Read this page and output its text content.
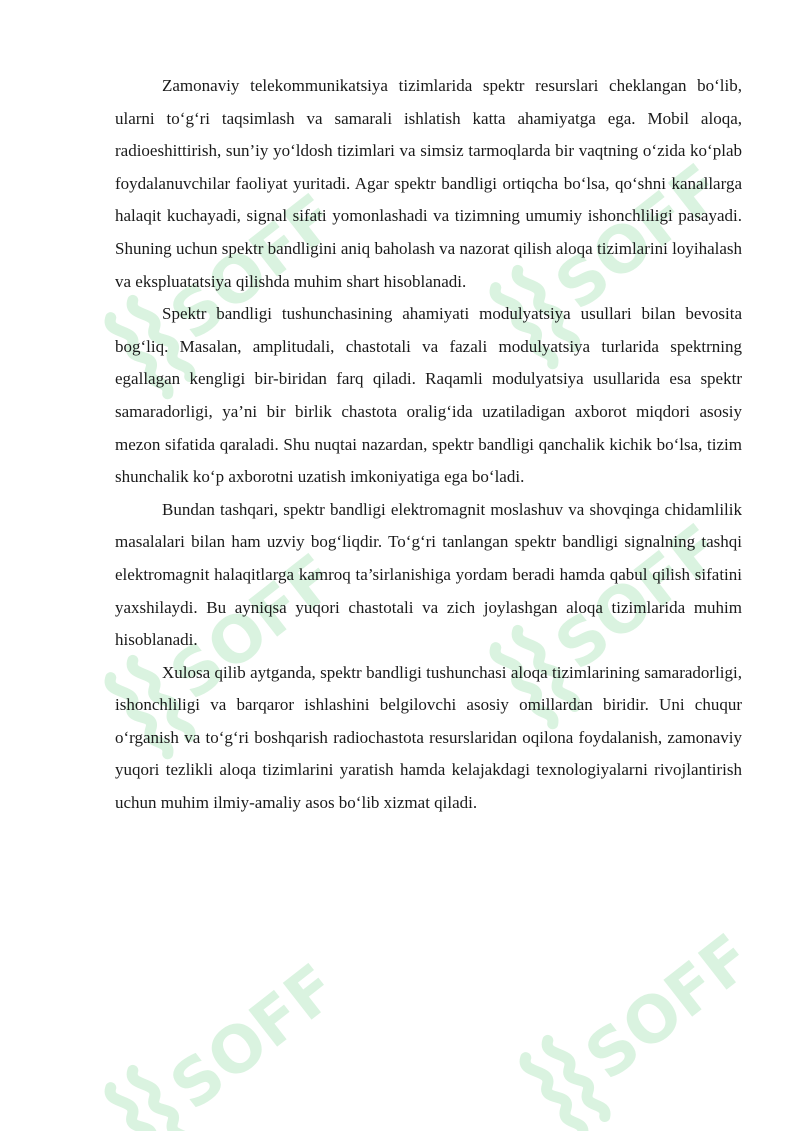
SOFF

Zamonaviy telekommunikatsiya tizimlarida spektr resurslari cheklangan bo‘lib, ularni to‘g‘ri taqsimlash va samarali ishlatish katta ahamiyatga ega. Mobil aloqa, radioeshittirish, sun’iy yo‘ldosh tizimlari va simsiz tarmoqlarda bir vaqtning o‘zida ko‘plab foydalanuvchilar faoliyat yuritadi. Agar spektr bandligi ortiqcha bo‘lsa, qo‘shni kanallarga halaqit kuchayadi, signal sifati yomonlashadi va tizimning umumiy ishonchliligi pasayadi. Shuning uchun spektr bandligini aniq baholash va nazorat qilish aloqa tizimlarini loyihalash va ekspluatatsiya qilishda muhim shart hisoblanadi.

Spektr bandligi tushunchasining ahamiyati modulyatsiya usullari bilan bevosita bog‘liq. Masalan, amplitudali, chastotali va fazali modulyatsiya turlarida spektrning egallagan kengligi bir-biridan farq qiladi. Raqamli modulyatsiya usullarida esa spektr samaradorligi, ya’ni bir birlik chastota oralig‘ida uzatiladigan axborot miqdori asosiy mezon sifatida qaraladi. Shu nuqtai nazardan, spektr bandligi qanchalik kichik bo‘lsa, tizim shunchalik ko‘p axborotni uzatish imkoniyatiga ega bo‘ladi.

Bundan tashqari, spektr bandligi elektromagnit moslashuv va shovqinga chidamlilik masalalari bilan ham uzviy bog‘liqdir. To‘g‘ri tanlangan spektr bandligi signalning tashqi elektromagnit halaqitlarga kamroq ta’sirlanishiga yordam beradi hamda qabul qilish sifatini yaxshilaydi. Bu ayniqsa yuqori chastotali va zich joylashgan aloqa tizimlarida muhim hisoblanadi.

Xulosa qilib aytganda, spektr bandligi tushunchasi aloqa tizimlarining samaradorligi, ishonchliligi va barqaror ishlashini belgilovchi asosiy omillardan biridir. Uni chuqur o‘rganish va to‘g‘ri boshqarish radiochastota resurslaridan oqilona foydalanish, zamonaviy yuqori tezlikli aloqa tizimlarini yaratish hamda kelajakdagi texnologiyalarni rivojlantirish uchun muhim ilmiy-amaliy asos bo‘lib xizmat qiladi.
